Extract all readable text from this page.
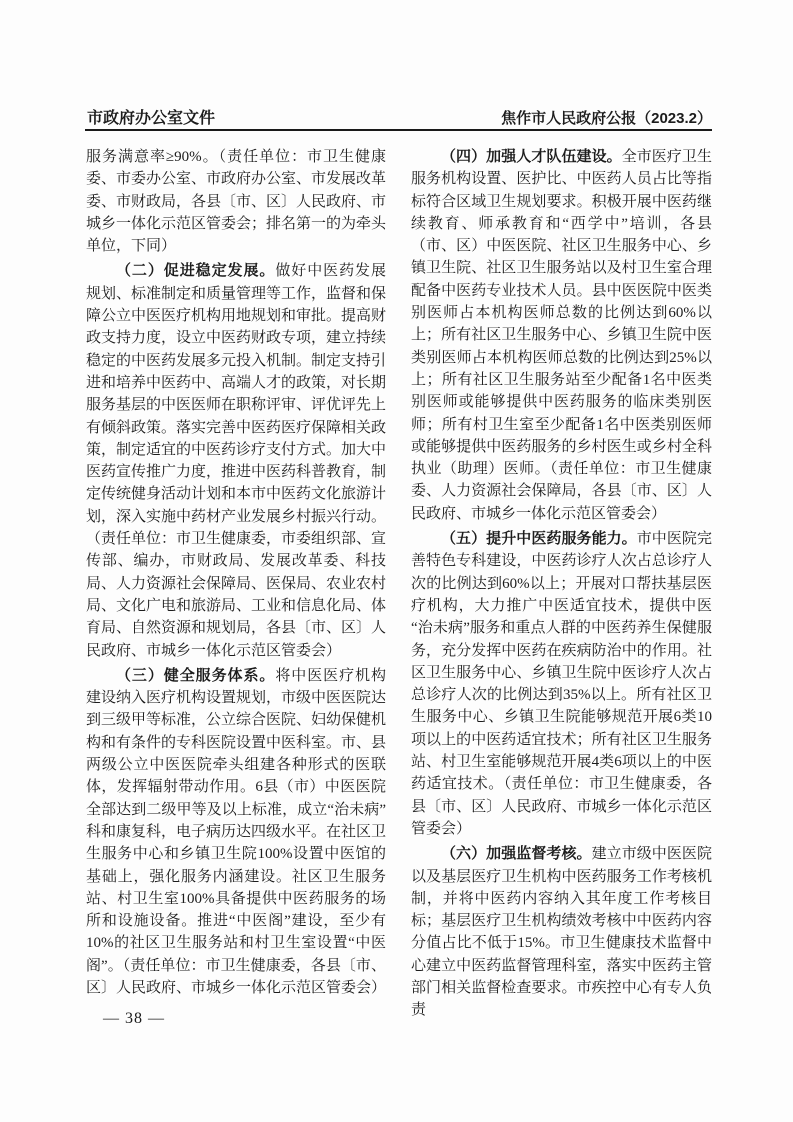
市政府办公室文件	焦作市人民政府公报（2023.2）

服务满意率≥90%。（责任单位：市卫生健康委、市委办公室、市政府办公室、市发展改革委、市财政局，各县〔市、区〕人民政府、市城乡一体化示范区管委会；排名第一的为牵头单位，下同）

（二）促进稳定发展。做好中医药发展规划、标准制定和质量管理等工作，监督和保障公立中医医疗机构用地规划和审批。提高财政支持力度，设立中医药财政专项，建立持续稳定的中医药发展多元投入机制。制定支持引进和培养中医药中、高端人才的政策，对长期服务基层的中医医师在职称评审、评优评先上有倾斜政策。落实完善中医药医疗保障相关政策，制定适宜的中医药诊疗支付方式。加大中医药宣传推广力度，推进中医药科普教育，制定传统健身活动计划和本市中医药文化旅游计划，深入实施中药材产业发展乡村振兴行动。（责任单位：市卫生健康委，市委组织部、宣传部、编办，市财政局、发展改革委、科技局、人力资源社会保障局、医保局、农业农村局、文化广电和旅游局、工业和信息化局、体育局、自然资源和规划局，各县〔市、区〕人民政府、市城乡一体化示范区管委会）

（三）健全服务体系。将中医医疗机构建设纳入医疗机构设置规划，市级中医医院达到三级甲等标准，公立综合医院、妇幼保健机构和有条件的专科医院设置中医科室。市、县两级公立中医医院牵头组建各种形式的医联体，发挥辐射带动作用。6县（市）中医医院全部达到二级甲等及以上标准，成立“治未病”科和康复科，电子病历达四级水平。在社区卫生服务中心和乡镇卫生院100%设置中医馆的基础上，强化服务内涵建设。社区卫生服务站、村卫生室100%具备提供中医药服务的场所和设施设备。推进“中医阁”建设，至少有10%的社区卫生服务站和村卫生室设置“中医阁”。（责任单位：市卫生健康委，各县〔市、区〕人民政府、市城乡一体化示范区管委会）

（四）加强人才队伍建设。全市医疗卫生服务机构设置、医护比、中医药人员占比等指标符合区域卫生规划要求。积极开展中医药继续教育、师承教育和“西学中”培训，各县（市、区）中医医院、社区卫生服务中心、乡镇卫生院、社区卫生服务站以及村卫生室合理配备中医药专业技术人员。县中医医院中医类别医师占本机构医师总数的比例达到60%以上；所有社区卫生服务中心、乡镇卫生院中医类别医师占本机构医师总数的比例达到25%以上；所有社区卫生服务站至少配备1名中医类别医师或能够提供中医药服务的临床类别医师；所有村卫生室至少配备1名中医类别医师或能够提供中医药服务的乡村医生或乡村全科执业（助理）医师。（责任单位：市卫生健康委、人力资源社会保障局，各县〔市、区〕人民政府、市城乡一体化示范区管委会）

（五）提升中医药服务能力。市中医院完善特色专科建设，中医药诊疗人次占总诊疗人次的比例达到60%以上；开展对口帮扶基层医疗机构，大力推广中医适宜技术，提供中医“治未病”服务和重点人群的中医药养生保健服务，充分发挥中医药在疾病防治中的作用。社区卫生服务中心、乡镇卫生院中医诊疗人次占总诊疗人次的比例达到35%以上。所有社区卫生服务中心、乡镇卫生院能够规范开展6类10项以上的中医药适宜技术；所有社区卫生服务站、村卫生室能够规范开展4类6项以上的中医药适宜技术。（责任单位：市卫生健康委，各县〔市、区〕人民政府、市城乡一体化示范区管委会）

（六）加强监督考核。建立市级中医医院以及基层医疗卫生机构中医药服务工作考核机制，并将中医药内容纳入其年度工作考核目标；基层医疗卫生机构绩效考核中中医药内容分值占比不低于15%。市卫生健康技术监督中心建立中医药监督管理科室，落实中医药主管部门相关监督检查要求。市疾控中心有专人负责

— 38 —
